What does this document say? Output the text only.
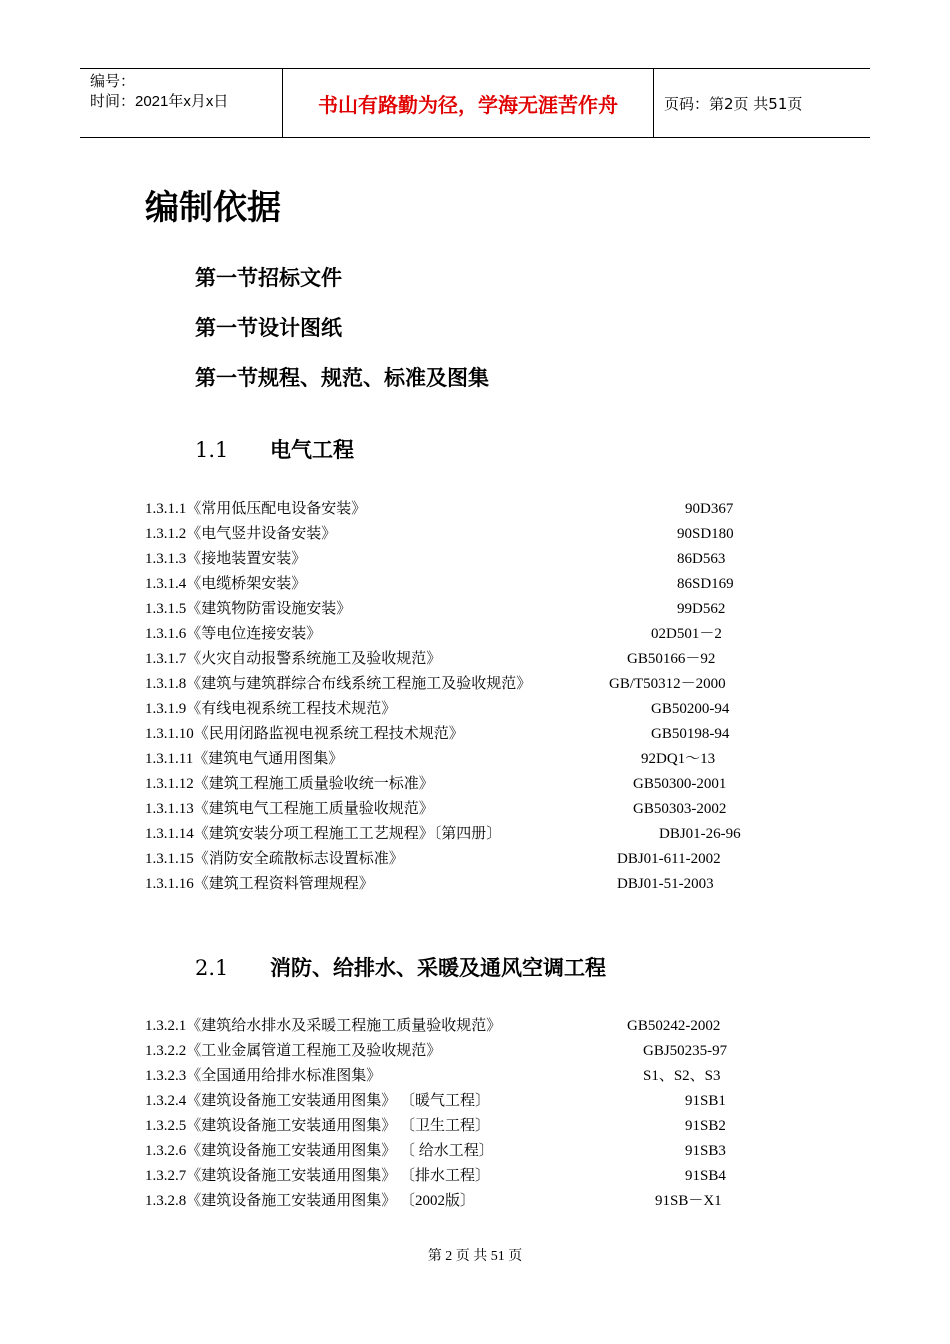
编号：
时间：2021年x月x日	书山有路勤为径，学海无涯苦作舟	页码：第2页 共51页
编制依据
第一节招标文件
第一节设计图纸
第一节规程、规范、标准及图集
1.1 电气工程
1.3.1.1《常用低压配电设备安装》	90D367
1.3.1.2《电气竖井设备安装》	90SD180
1.3.1.3《接地装置安装》	86D563
1.3.1.4《电缆桥架安装》	86SD169
1.3.1.5《建筑物防雷设施安装》	99D562
1.3.1.6《等电位连接安装》	02D501－2
1.3.1.7《火灾自动报警系统施工及验收规范》	GB50166－92
1.3.1.8《建筑与建筑群综合布线系统工程施工及验收规范》	GB/T50312－2000
1.3.1.9《有线电视系统工程技术规范》	GB50200-94
1.3.1.10《民用闭路监视电视系统工程技术规范》	GB50198-94
1.3.1.11《建筑电气通用图集》	92DQ1～13
1.3.1.12《建筑工程施工质量验收统一标准》	GB50300-2001
1.3.1.13《建筑电气工程施工质量验收规范》	GB50303-2002
1.3.1.14《建筑安装分项工程施工工艺规程》〔第四册〕	DBJ01-26-96
1.3.1.15《消防安全疏散标志设置标准》	DBJ01-611-2002
1.3.1.16《建筑工程资料管理规程》	DBJ01-51-2003
2.1 消防、给排水、采暖及通风空调工程
1.3.2.1《建筑给水排水及采暖工程施工质量验收规范》	GB50242-2002
1.3.2.2《工业金属管道工程施工及验收规范》	GBJ50235-97
1.3.2.3《全国通用给排水标准图集》	S1、S2、S3
1.3.2.4《建筑设备施工安装通用图集》 〔暖气工程〕	91SB1
1.3.2.5《建筑设备施工安装通用图集》 〔卫生工程〕	91SB2
1.3.2.6《建筑设备施工安装通用图集》 〔 给水工程〕	91SB3
1.3.2.7《建筑设备施工安装通用图集》 〔排水工程〕	91SB4
1.3.2.8《建筑设备施工安装通用图集》 〔2002版〕	91SB－X1
第 2 页 共 51 页
